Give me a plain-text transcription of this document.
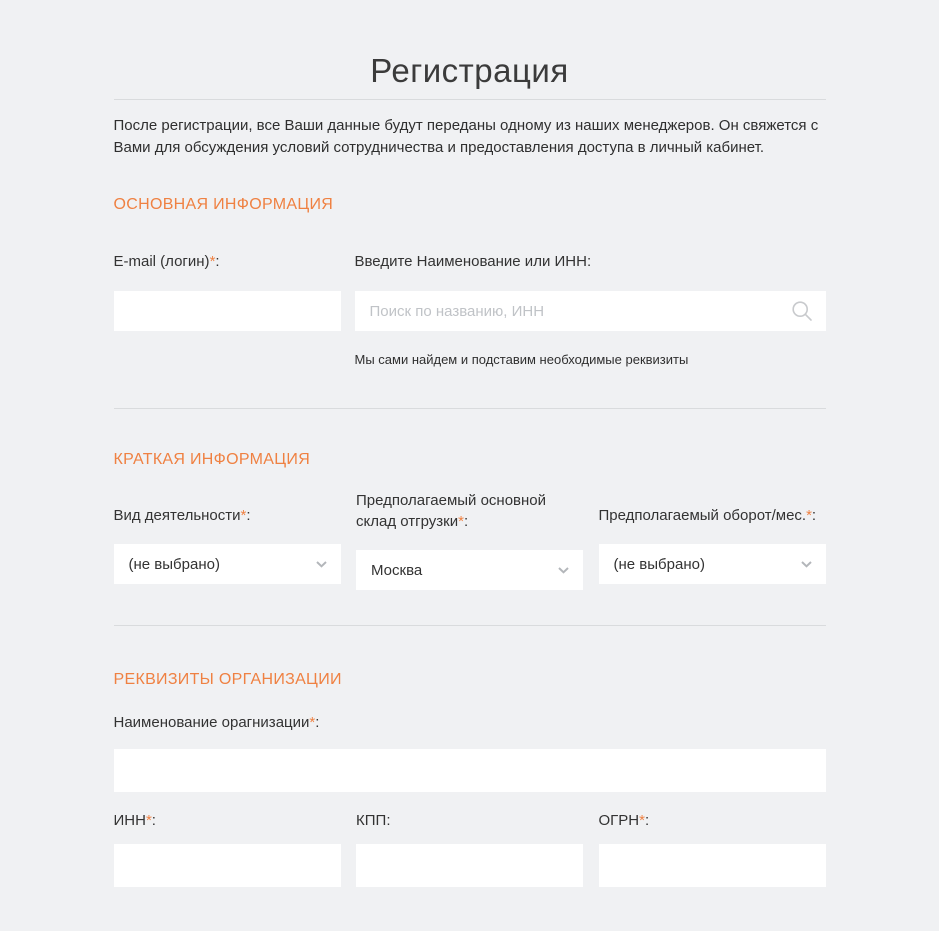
Регистрация

После регистрации, все Ваши данные будут переданы одному из наших менеджеров. Он свяжется с Вами для обсуждения условий сотрудничества и предоставления доступа в личный кабинет.

ОСНОВНАЯ ИНФОРМАЦИЯ
E-mail (логин)*:	Введите Наименование или ИНН:
Поиск по названию, ИНН
Мы сами найдем и подставим необходимые реквизиты
КРАТКАЯ ИНФОРМАЦИЯ
Вид деятельности*:
(не выбрано)
Предполагаемый основной склад отгрузки*:
Москва
Предполагаемый оборот/мес.*:
(не выбрано)
РЕКВИЗИТЫ ОРГАНИЗАЦИИ
Наименование орагнизации*:
ИНН*:	КПП:	ОГРН*:
